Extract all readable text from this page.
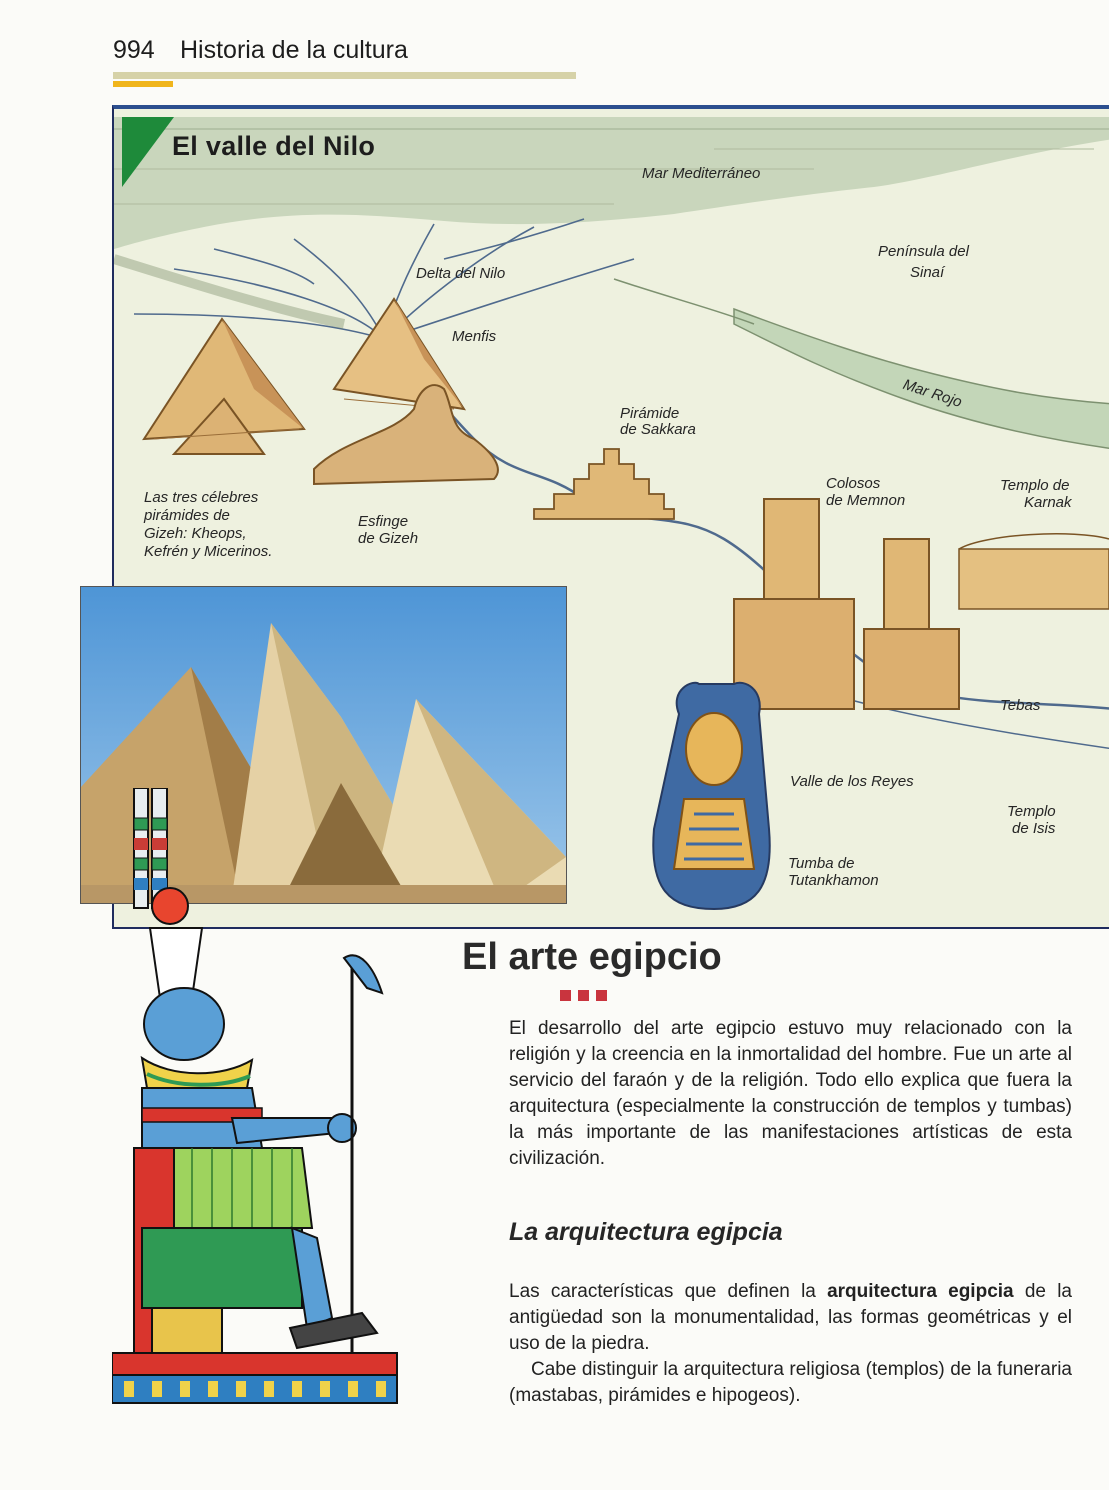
994 Historia de la cultura
Mar Mediterráneo
Delta del Nilo
Península del
Sinaí
Menfis
Mar Rojo
Pirámide
de Sakkara
Colosos
de Memnon
Templo de
Karnak
Las tres célebres
pirámides de
Gizeh: Kheops,
Kefrén y Micerinos.
Esfinge
de Gizeh
Tebas
Valle de los Reyes
Templo
de Isis
Tumba de
Tutankhamon
El valle del Nilo
El arte egipcio
El desarrollo del arte egipcio estuvo muy relacionado con la religión y la creencia en la inmortalidad del hombre. Fue un arte al servicio del faraón y de la religión. Todo ello explica que fuera la arquitectura (especialmente la construcción de templos y tumbas) la más importante de las manifestaciones artísticas de esta civilización.
La arquitectura egipcia
Las características que definen la arquitectura egipcia de la antigüedad son la monumentalidad, las formas geométricas y el uso de la piedra.
Cabe distinguir la arquitectura religiosa (templos) de la funeraria (mastabas, pirámides e hipogeos).
